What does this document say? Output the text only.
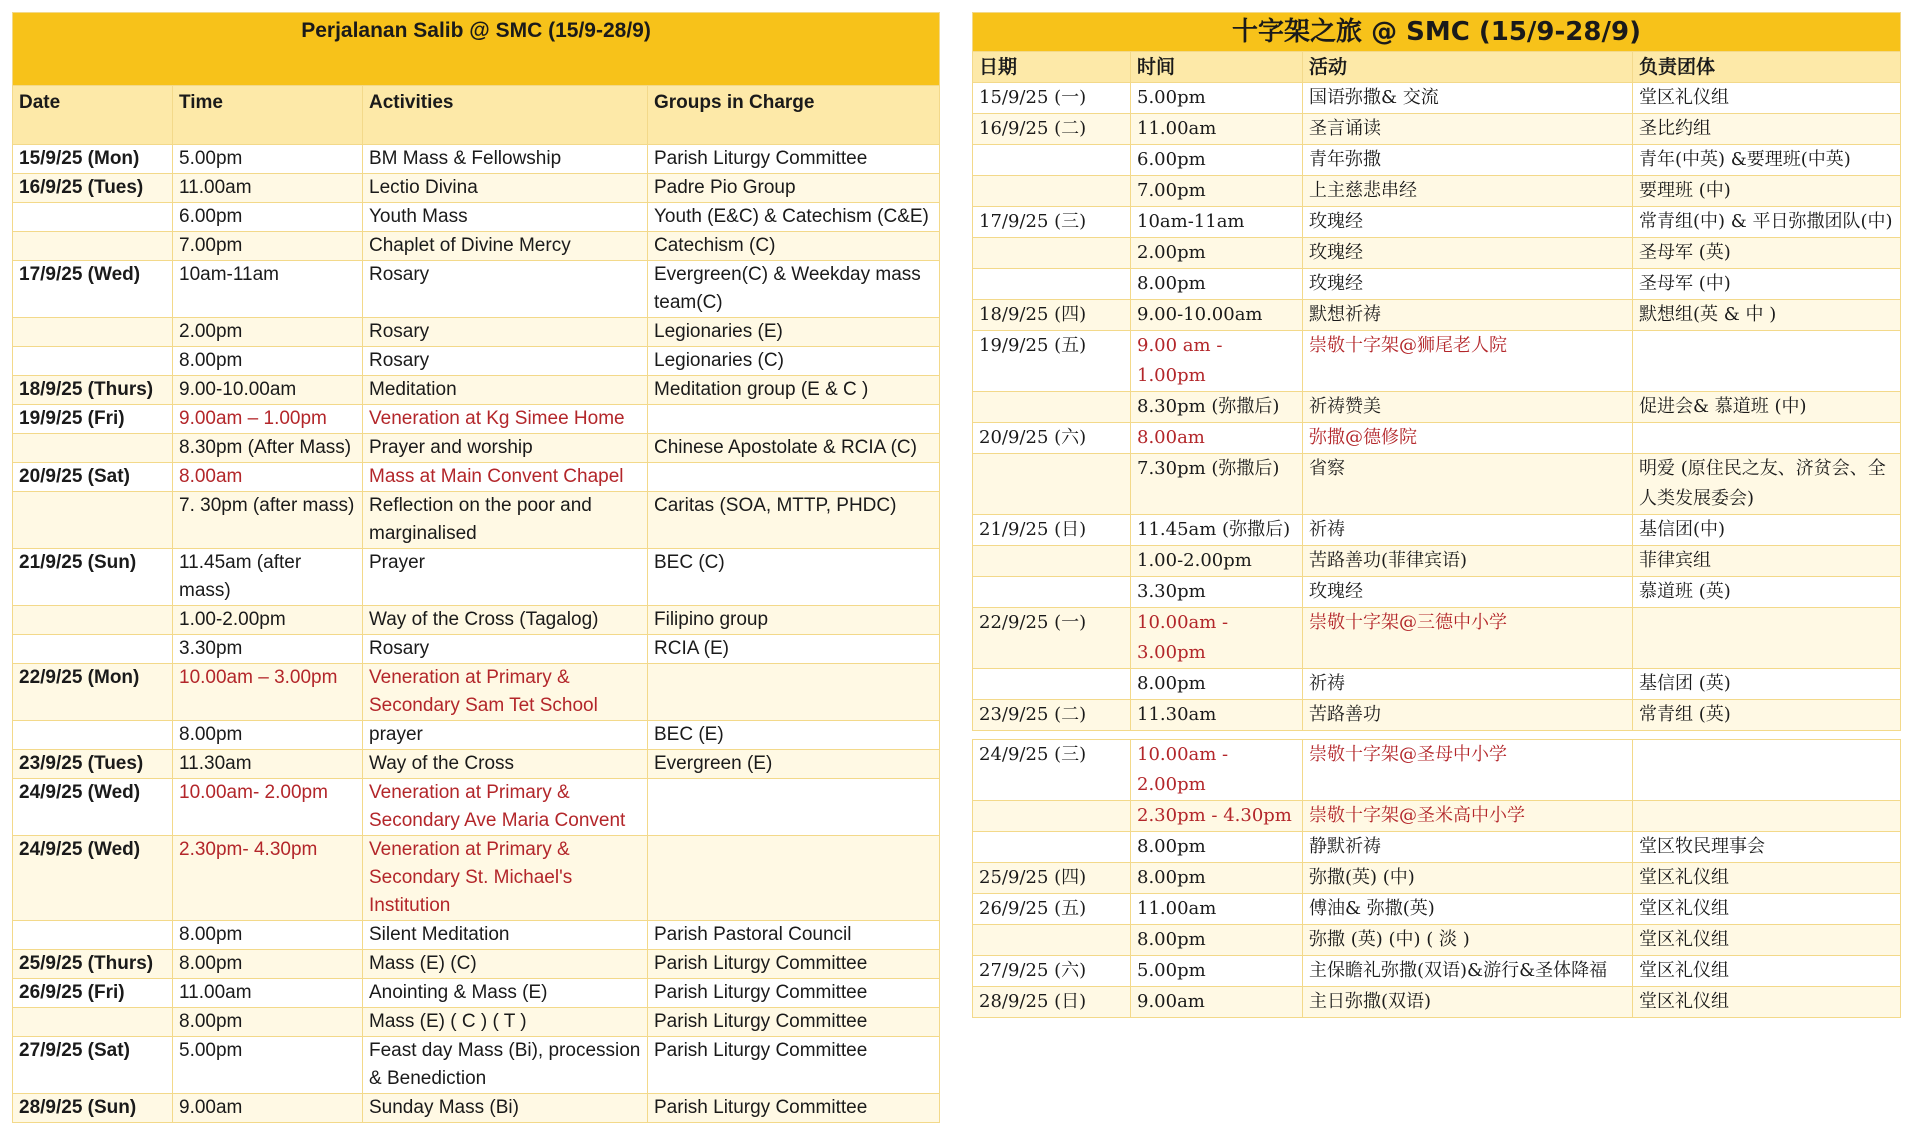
Perjalanan Salib @ SMC (15/9-28/9)			
Date	Time	Activities	Groups in Charge
15/9/25 (Mon)	5.00pm	BM Mass & Fellowship	Parish Liturgy Committee
16/9/25 (Tues)	11.00am	Lectio Divina	Padre Pio Group
	6.00pm	Youth Mass	Youth (E&C) & Catechism (C&E)
	7.00pm	Chaplet of Divine Mercy	Catechism (C)
17/9/25 (Wed)	10am-11am	Rosary	Evergreen(C) & Weekday mass team(C)
	2.00pm	Rosary	Legionaries (E)
	8.00pm	Rosary	Legionaries (C)
18/9/25 (Thurs)	9.00-10.00am	Meditation	Meditation group (E & C )
19/9/25 (Fri)	9.00am – 1.00pm	Veneration at Kg Simee Home	
	8.30pm (After Mass)	Prayer and worship	Chinese Apostolate & RCIA (C)
20/9/25 (Sat)	8.00am	Mass at Main Convent Chapel	
	7. 30pm (after mass)	Reflection on the poor and marginalised	Caritas (SOA, MTTP, PHDC)
21/9/25 (Sun)	11.45am (after mass)	Prayer	BEC (C)
	1.00-2.00pm	Way of the Cross (Tagalog)	Filipino group
	3.30pm	Rosary	RCIA (E)
22/9/25 (Mon)	10.00am – 3.00pm	Veneration at Primary & Secondary Sam Tet School	
	8.00pm	prayer	BEC (E)
23/9/25 (Tues)	11.30am	Way of the Cross	Evergreen (E)
24/9/25 (Wed)	10.00am- 2.00pm	Veneration at Primary & Secondary Ave Maria Convent	
24/9/25 (Wed)	2.30pm- 4.30pm	Veneration at Primary & Secondary St. Michael's Institution	
	8.00pm	Silent Meditation	Parish Pastoral Council
25/9/25 (Thurs)	8.00pm	Mass (E) (C)	Parish Liturgy Committee
26/9/25 (Fri)	11.00am	Anointing & Mass (E)	Parish Liturgy Committee
	8.00pm	Mass (E) ( C ) ( T )	Parish Liturgy Committee
27/9/25 (Sat)	5.00pm	Feast day Mass (Bi), procession & Benediction	Parish Liturgy Committee
28/9/25 (Sun)	9.00am	Sunday Mass (Bi)	Parish Liturgy Committee
十字架之旅 @ SMC (15/9-28/9)			
日期	时间	活动	负责团体
15/9/25 (一)	5.00pm	国语弥撒& 交流	堂区礼仪组
16/9/25 (二)	11.00am	圣言诵读	圣比约组
	6.00pm	青年弥撒	青年(中英) &要理班(中英)
	7.00pm	上主慈悲串经	要理班 (中)
17/9/25 (三)	10am-11am	玫瑰经	常青组(中) & 平日弥撒团队(中)
	2.00pm	玫瑰经	圣母军 (英)
	8.00pm	玫瑰经	圣母军 (中)
18/9/25 (四)	9.00-10.00am	默想祈祷	默想组(英 & 中 )
19/9/25 (五)	9.00 am - 1.00pm	崇敬十字架@狮尾老人院	
	8.30pm (弥撒后)	祈祷赞美	促进会& 慕道班 (中)
20/9/25 (六)	8.00am	弥撒@德修院	
	7.30pm (弥撒后)	省察	明爱 (原住民之友、济贫会、全人类发展委会)
21/9/25 (日)	11.45am (弥撒后)	祈祷	基信团(中)
	1.00-2.00pm	苦路善功(菲律宾语)	菲律宾组
	3.30pm	玫瑰经	慕道班 (英)
22/9/25 (一)	10.00am - 3.00pm	崇敬十字架@三德中小学	
	8.00pm	祈祷	基信团 (英)
23/9/25 (二)	11.30am	苦路善功	常青组 (英)

24/9/25 (三)	10.00am - 2.00pm	崇敬十字架@圣母中小学	
	2.30pm - 4.30pm	崇敬十字架@圣米高中小学	
	8.00pm	静默祈祷	堂区牧民理事会
25/9/25 (四)	8.00pm	弥撒(英) (中)	堂区礼仪组
26/9/25 (五)	11.00am	傅油& 弥撒(英)	堂区礼仪组
	8.00pm	弥撒 (英) (中) ( 淡 )	堂区礼仪组
27/9/25 (六)	5.00pm	主保瞻礼弥撒(双语)&游行&圣体降福	堂区礼仪组
28/9/25 (日)	9.00am	主日弥撒(双语)	堂区礼仪组
